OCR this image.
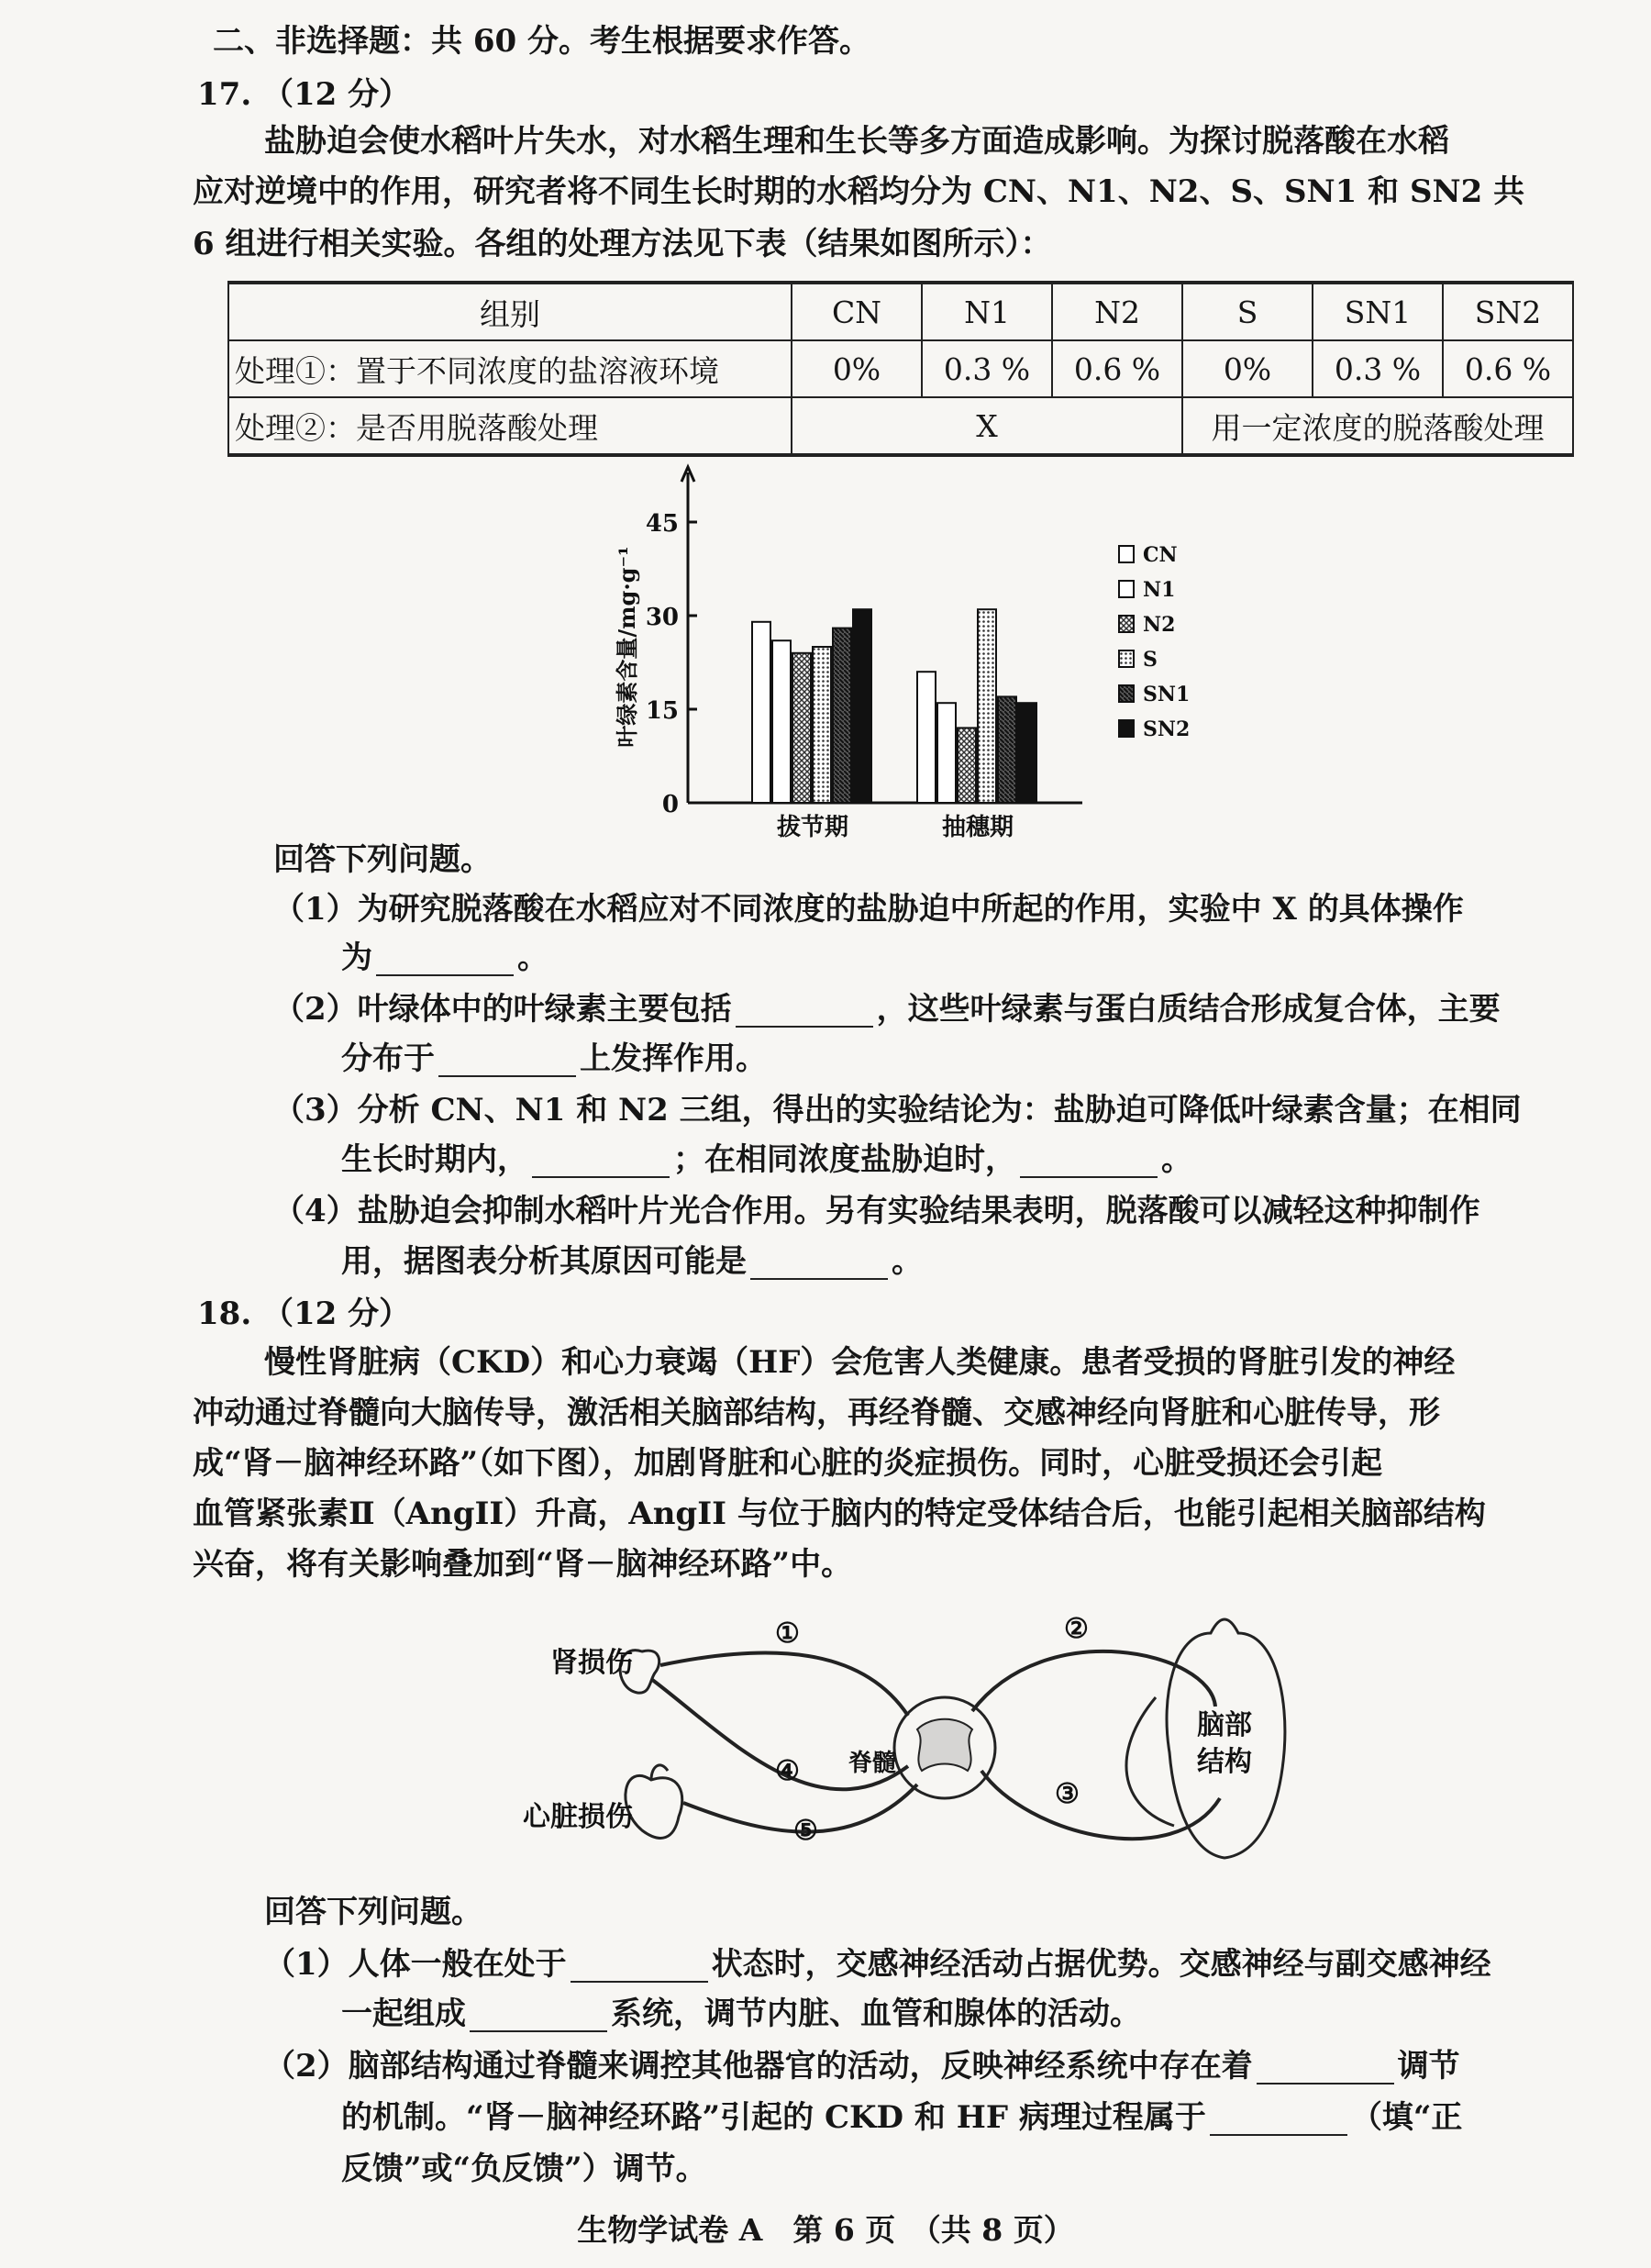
二、非选择题：共 60 分。考生根据要求作答。
17. （12 分）
盐胁迫会使水稻叶片失水，对水稻生理和生长等多方面造成影响。为探讨脱落酸在水稻
应对逆境中的作用，研究者将不同生长时期的水稻均分为 CN、N1、N2、S、SN1 和 SN2 共
6 组进行相关实验。各组的处理方法见下表（结果如图所示）：
组别	CN	N1	N2	S	SN1	SN2
处理①：置于不同浓度的盐溶液环境	0%	0.3 %	0.6 %	0%	0.3 %	0.6 %
处理②：是否用脱落酸处理	X			用一定浓度的脱落酸处理		
0
15
30
45
叶绿素含量/mg·g⁻¹
拔节期	抽穗期
CN
N1
N2
S
SN1
SN2
回答下列问题。
（1）为研究脱落酸在水稻应对不同浓度的盐胁迫中所起的作用，实验中 X 的具体操作
为	。
（2）叶绿体中的叶绿素主要包括	，这些叶绿素与蛋白质结合形成复合体，主要
分布于	上发挥作用。
（3）分析 CN、N1 和 N2 三组，得出的实验结论为：盐胁迫可降低叶绿素含量；在相同
生长时期内，	；在相同浓度盐胁迫时，	。
（4）盐胁迫会抑制水稻叶片光合作用。另有实验结果表明，脱落酸可以减轻这种抑制作
用，据图表分析其原因可能是	。
18. （12 分）
慢性肾脏病（CKD）和心力衰竭（HF）会危害人类健康。患者受损的肾脏引发的神经
冲动通过脊髓向大脑传导，激活相关脑部结构，再经脊髓、交感神经向肾脏和心脏传导，形
成“肾－脑神经环路”（如下图），加剧肾脏和心脏的炎症损伤。同时，心脏受损还会引起
血管紧张素Ⅱ（AngII）升高，AngII 与位于脑内的特定受体结合后，也能引起相关脑部结构
兴奋，将有关影响叠加到“肾－脑神经环路”中。
肾损伤
心脏损伤
脊髓
脑部
结构
①	②
③
④
⑤
回答下列问题。
（1）人体一般在处于	状态时，交感神经活动占据优势。交感神经与副交感神经
一起组成	系统，调节内脏、血管和腺体的活动。
（2）脑部结构通过脊髓来调控其他器官的活动，反映神经系统中存在着	调节
的机制。“肾－脑神经环路”引起的 CKD 和 HF 病理过程属于	（填“正
反馈”或“负反馈”）调节。
生物学试卷 A　第 6 页　（共 8 页）
